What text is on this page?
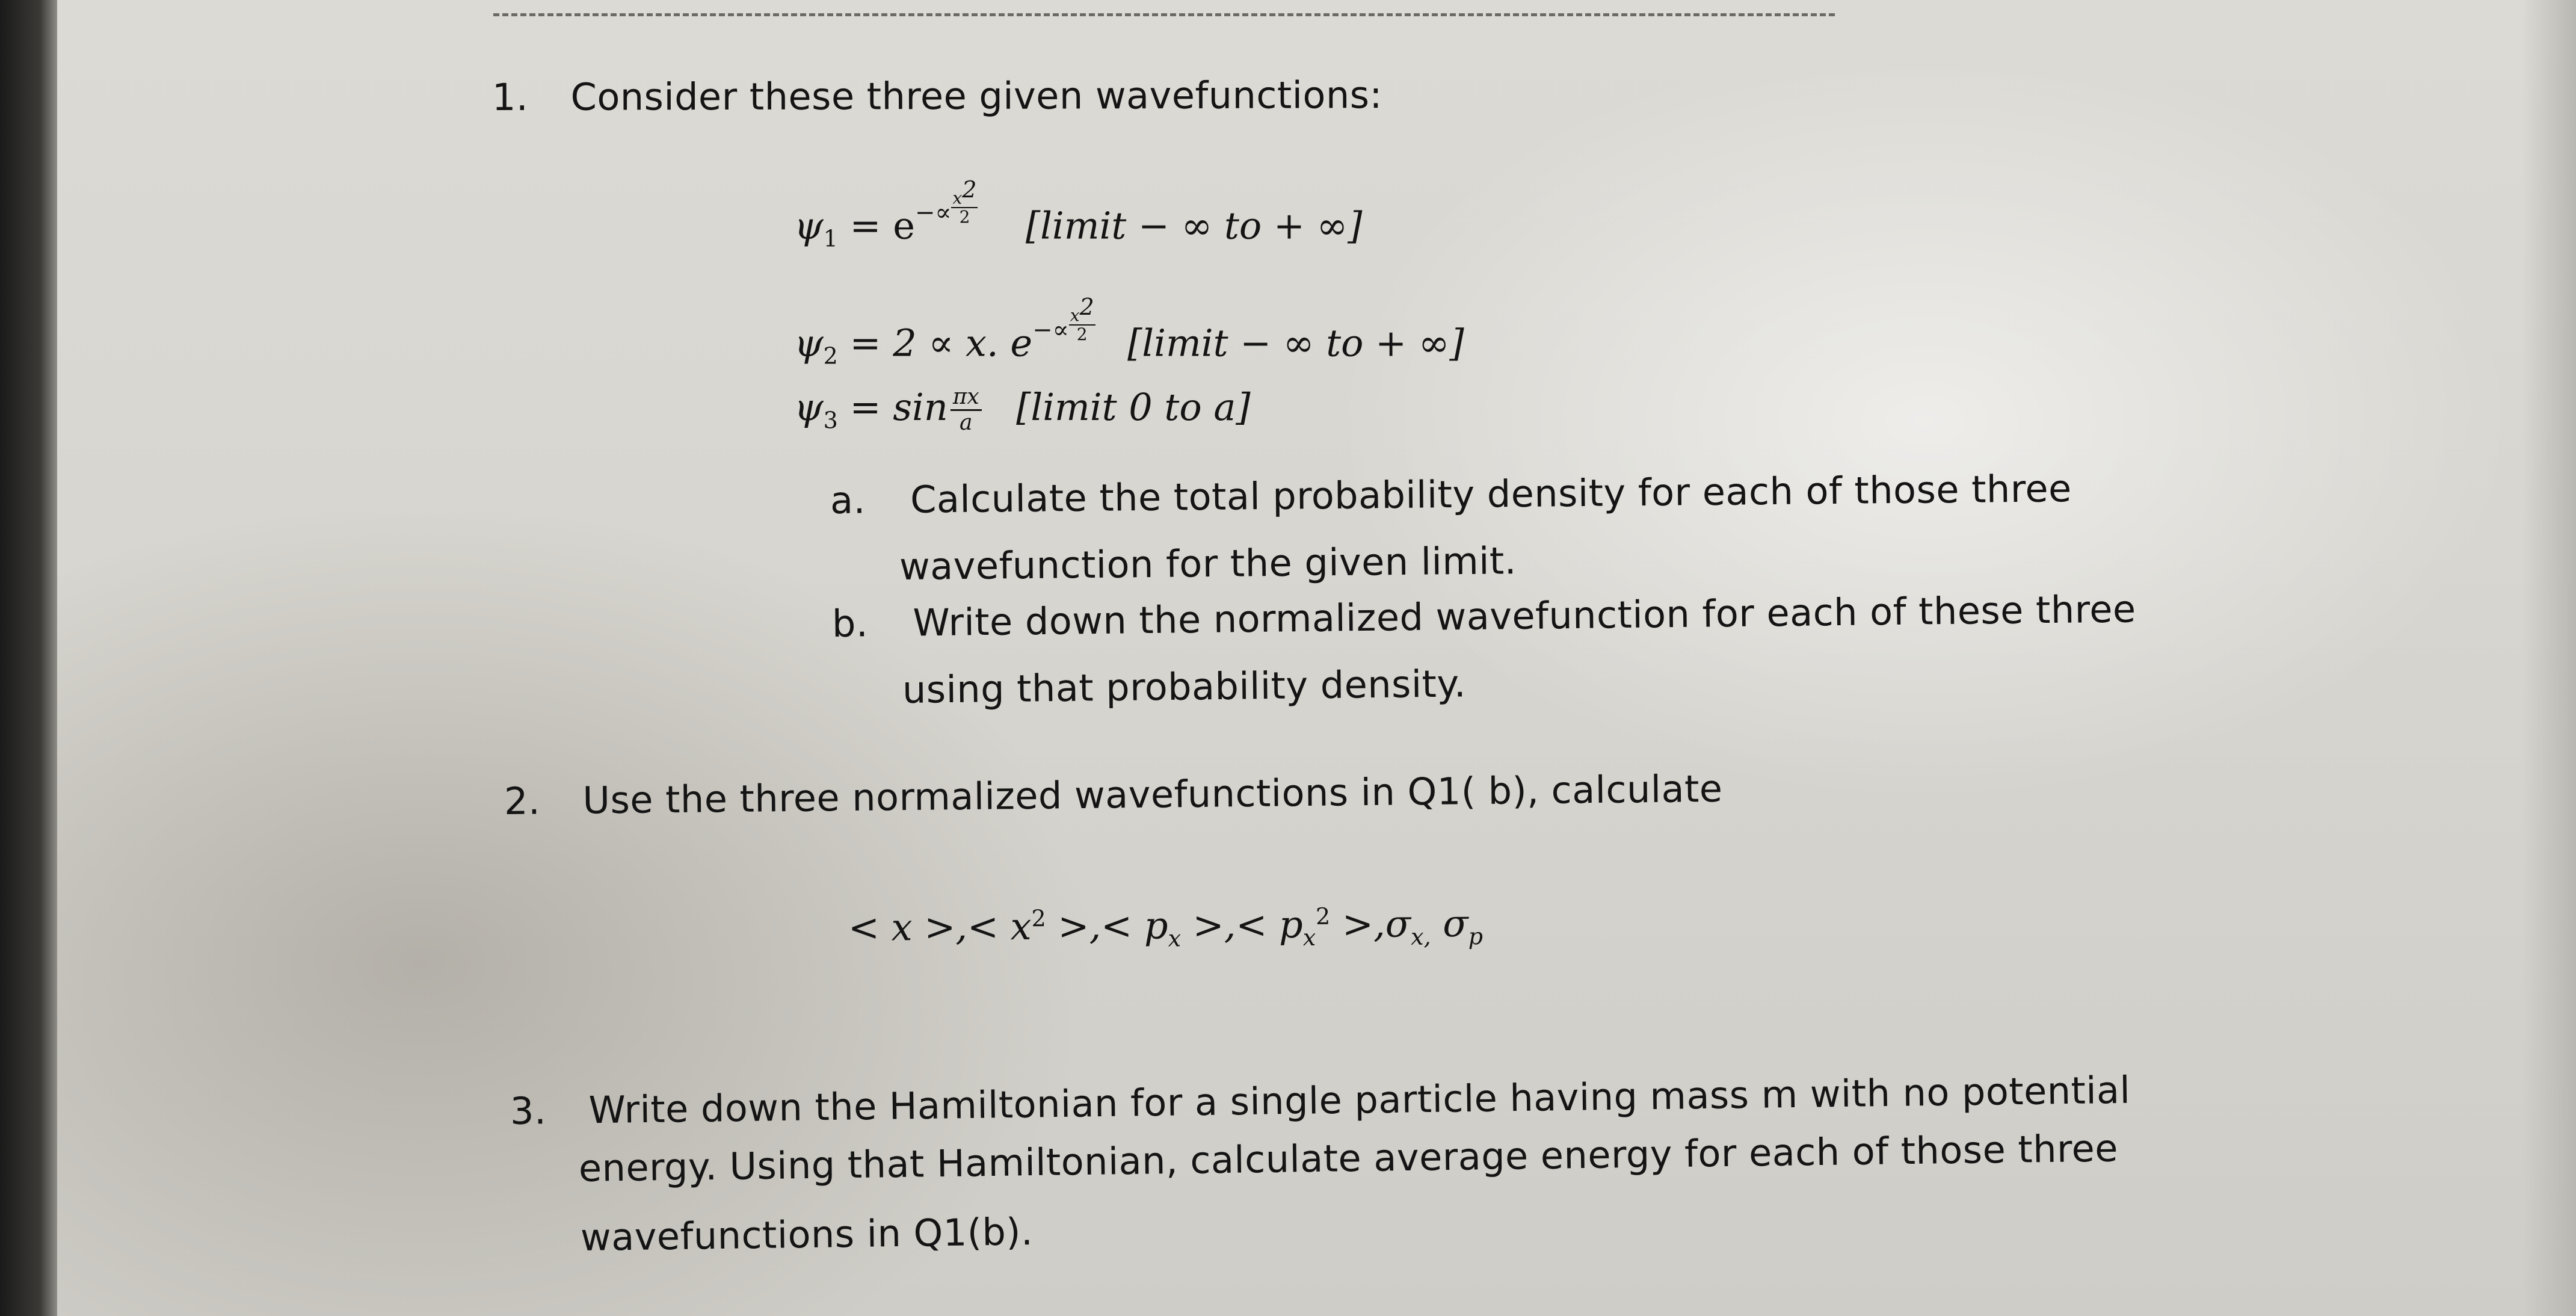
1. Consider these three given wavefunctions:
$\psi_1 = e-\propto \frac{x^2}{2}$ [limit − ∞ to + ∞]
$\psi_2 = 2 \propto x$. $e-\propto \frac{x^2}{2}$ [limit − ∞ to + ∞]
$\psi_3 = \sin \frac{\pi x}{a}$ [limit 0 to a]
a. Calculate the total probability density for each of those three
wavefunction for the given limit.
b. Write down the normalized wavefunction for each of these three
using that probability density.
2. Use the three normalized wavefunctions in Q1( b), calculate
< x >,< $x^2$ >,< $p_x$ >,< $p_x^2 >,\sigma_{x,}$ $\sigma_p$
3. Write down the Hamiltonian for a single particle having mass m with no potential
energy. Using that Hamiltonian, calculate average energy for each of those three
wavefunctions in Q1(b).
